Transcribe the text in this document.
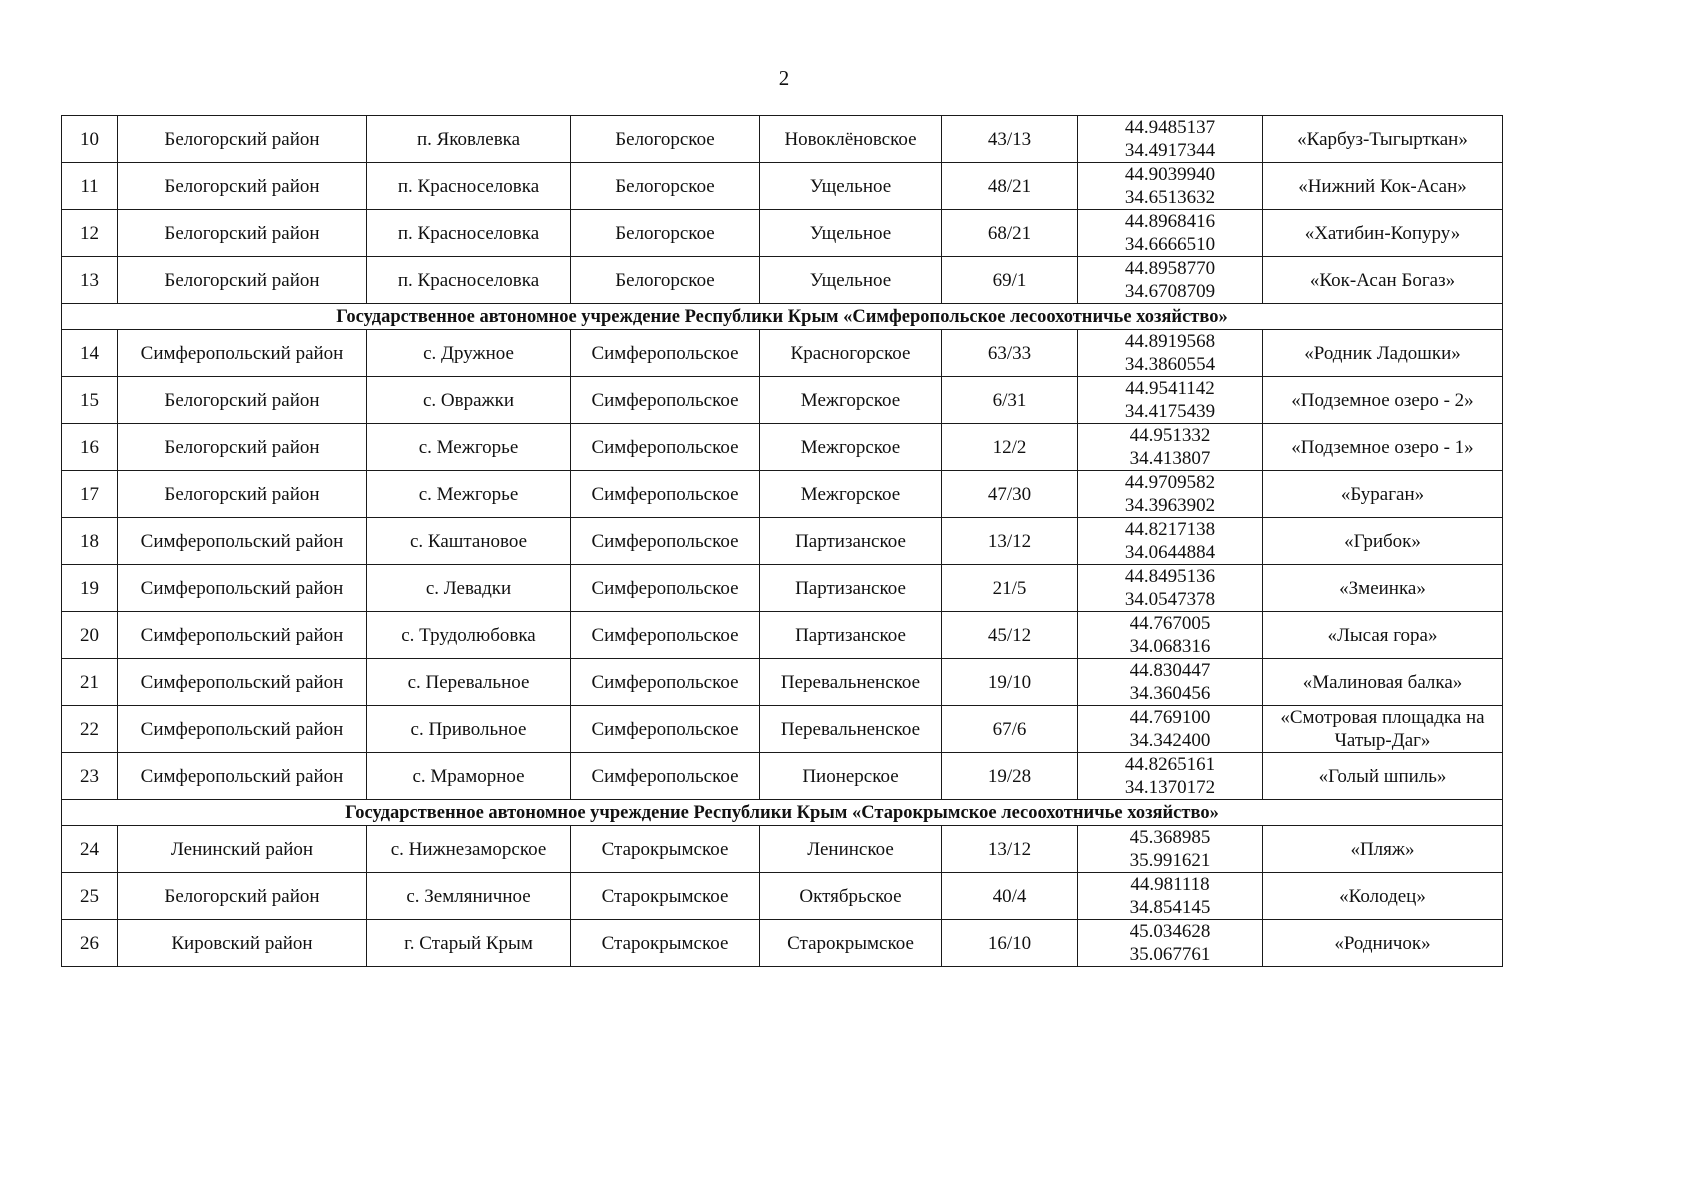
2
10	Белогорский район	п. Яковлевка	Белогорское	Новоклёновское	43/13	44.9485137
34.4917344	«Карбуз-Тыгырткан»
11	Белогорский район	п. Красноселовка	Белогорское	Ущельное	48/21	44.9039940
34.6513632	«Нижний Кок-Асан»
12	Белогорский район	п. Красноселовка	Белогорское	Ущельное	68/21	44.8968416
34.6666510	«Хатибин-Копуру»
13	Белогорский район	п. Красноселовка	Белогорское	Ущельное	69/1	44.8958770
34.6708709	«Кок-Асан Богаз»
Государственное автономное учреждение Республики Крым «Симферопольское лесоохотничье хозяйство»							
14	Симферопольский район	с. Дружное	Симферопольское	Красногорское	63/33	44.8919568
34.3860554	«Родник Ладошки»
15	Белогорский район	с. Овражки	Симферопольское	Межгорское	6/31	44.9541142
34.4175439	«Подземное озеро - 2»
16	Белогорский район	с. Межгорье	Симферопольское	Межгорское	12/2	44.951332
34.413807	«Подземное озеро - 1»
17	Белогорский район	с. Межгорье	Симферопольское	Межгорское	47/30	44.9709582
34.3963902	«Бураган»
18	Симферопольский район	с. Каштановое	Симферопольское	Партизанское	13/12	44.8217138
34.0644884	«Грибок»
19	Симферопольский район	с. Левадки	Симферопольское	Партизанское	21/5	44.8495136
34.0547378	«Змеинка»
20	Симферопольский район	с. Трудолюбовка	Симферопольское	Партизанское	45/12	44.767005
34.068316	«Лысая гора»
21	Симферопольский район	с. Перевальное	Симферопольское	Перевальненское	19/10	44.830447
34.360456	«Малиновая балка»
22	Симферопольский район	с. Привольное	Симферопольское	Перевальненское	67/6	44.769100
34.342400	«Смотровая площадка на Чатыр-Даг»
23	Симферопольский район	с. Мраморное	Симферопольское	Пионерское	19/28	44.8265161
34.1370172	«Голый шпиль»
Государственное автономное учреждение Республики Крым «Старокрымское лесоохотничье хозяйство»							
24	Ленинский район	с. Нижнезаморское	Старокрымское	Ленинское	13/12	45.368985
35.991621	«Пляж»
25	Белогорский район	с. Земляничное	Старокрымское	Октябрьское	40/4	44.981118
34.854145	«Колодец»
26	Кировский район	г. Старый Крым	Старокрымское	Старокрымское	16/10	45.034628
35.067761	«Родничок»
